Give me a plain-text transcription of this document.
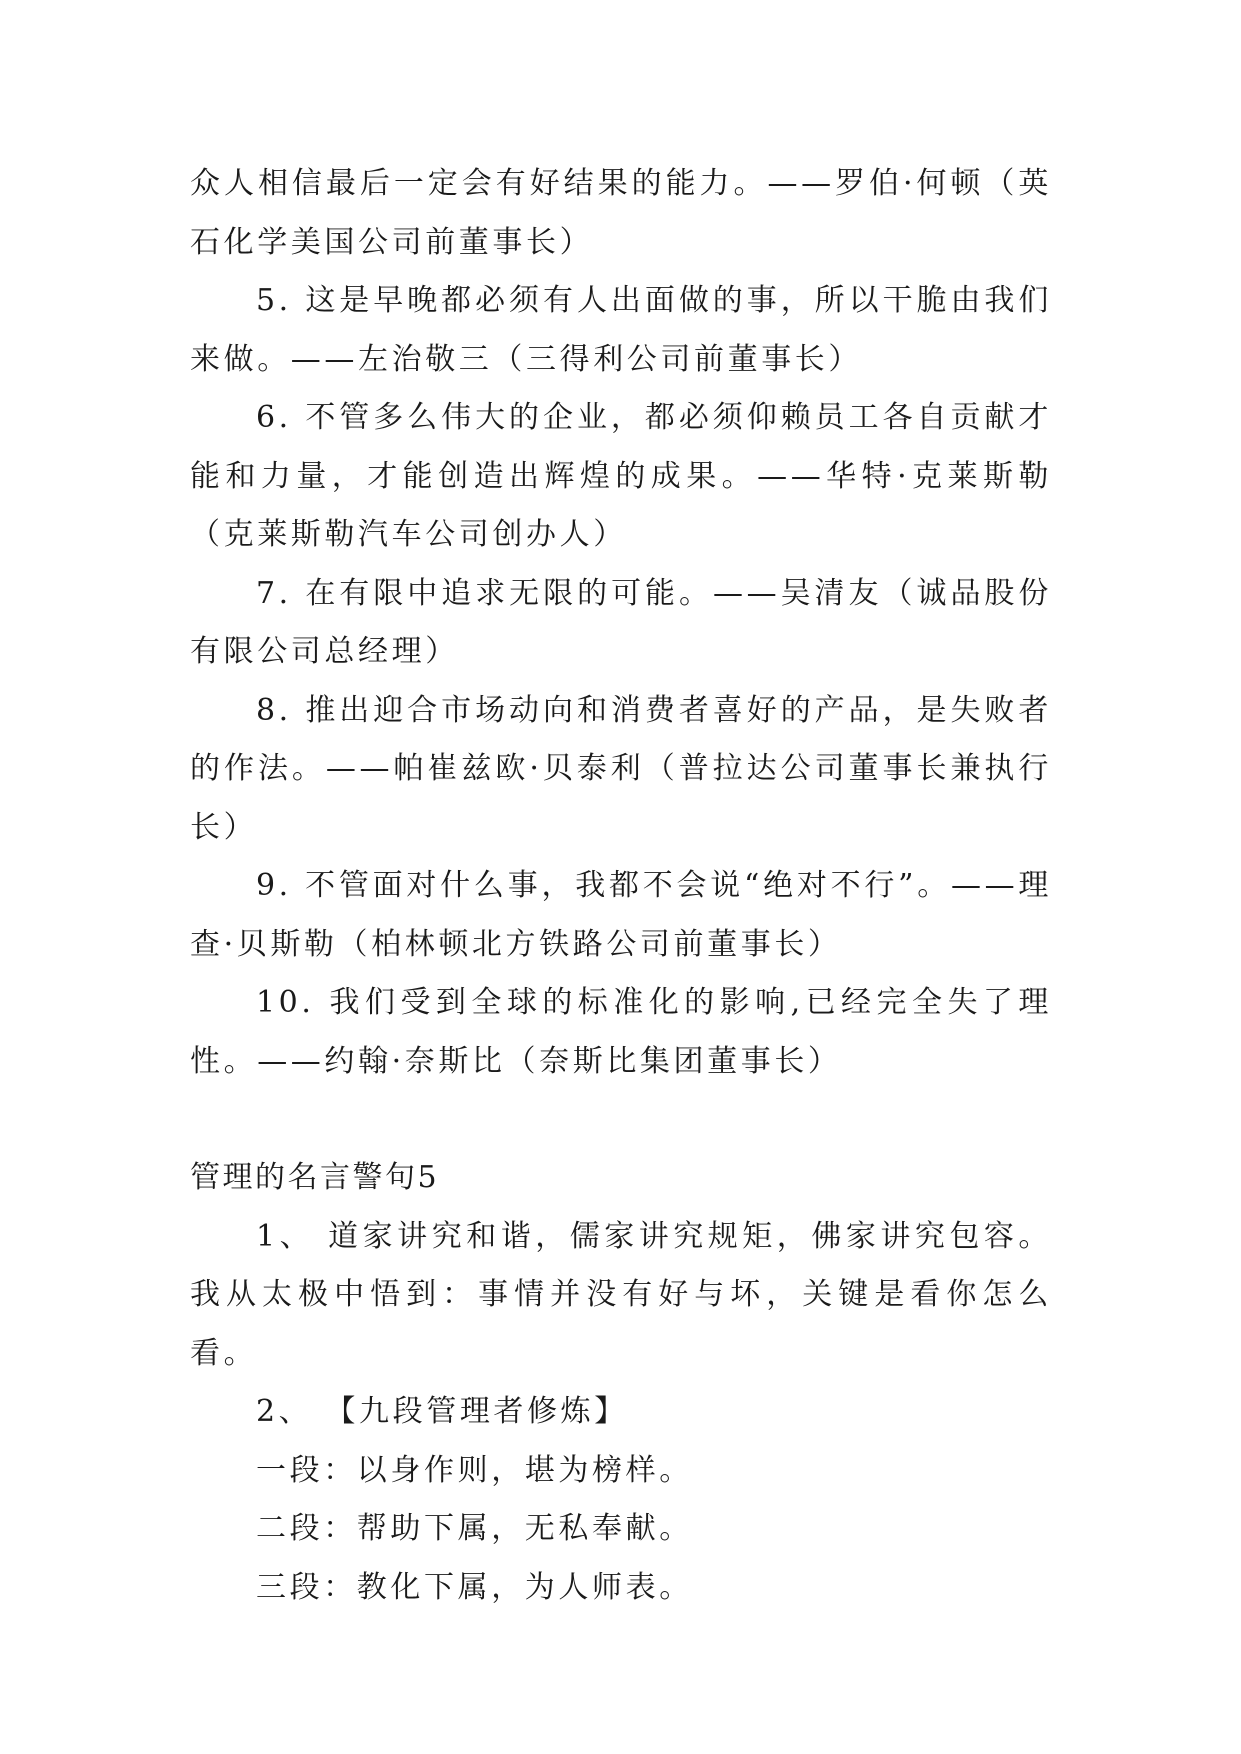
众人相信最后一定会有好结果的能力。——罗伯·何顿（英石化学美国公司前董事长）

5. 这是早晚都必须有人出面做的事，所以干脆由我们来做。——左治敬三（三得利公司前董事长）

6. 不管多么伟大的企业，都必须仰赖员工各自贡献才能和力量，才能创造出辉煌的成果。——华特·克莱斯勒（克莱斯勒汽车公司创办人）

7. 在有限中追求无限的可能。——吴清友（诚品股份有限公司总经理）

8. 推出迎合市场动向和消费者喜好的产品，是失败者的作法。——帕崔兹欧·贝泰利（普拉达公司董事长兼执行长）

9. 不管面对什么事，我都不会说“绝对不行”。——理查·贝斯勒（柏林顿北方铁路公司前董事长）

10. 我们受到全球的标准化的影响,已经完全失了理性。——约翰·奈斯比（奈斯比集团董事长）

管理的名言警句5

1、 道家讲究和谐，儒家讲究规矩，佛家讲究包容。我从太极中悟到：事情并没有好与坏，关键是看你怎么看。

2、 【九段管理者修炼】

一段：以身作则，堪为榜样。

二段：帮助下属，无私奉献。

三段：教化下属，为人师表。
